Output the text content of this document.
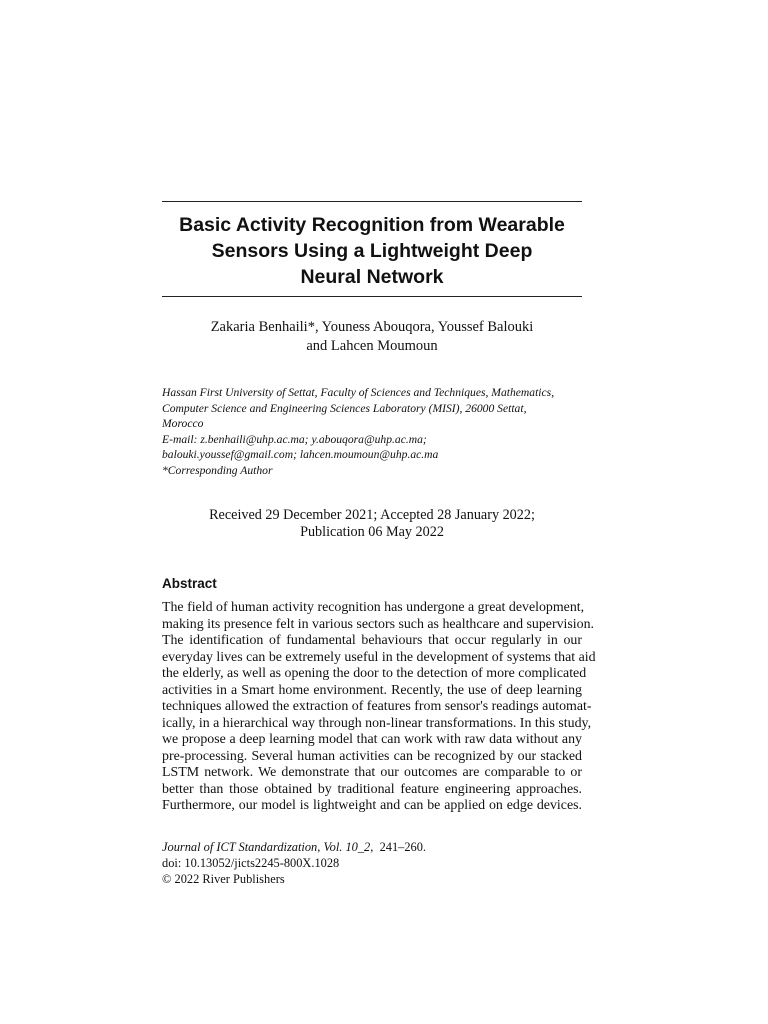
Basic Activity Recognition from Wearable
Sensors Using a Lightweight Deep
Neural Network
Zakaria Benhaili*, Youness Abouqora, Youssef Balouki
and Lahcen Moumoun
Hassan First University of Settat, Faculty of Sciences and Techniques, Mathematics,
Computer Science and Engineering Sciences Laboratory (MISI), 26000 Settat,
Morocco
E-mail: z.benhaili@uhp.ac.ma; y.abouqora@uhp.ac.ma;
balouki.youssef@gmail.com; lahcen.moumoun@uhp.ac.ma
*Corresponding Author
Received 29 December 2021; Accepted 28 January 2022;
Publication 06 May 2022
Abstract
The field of human activity recognition has undergone a great development,
making its presence felt in various sectors such as healthcare and supervision.
The identification of fundamental behaviours that occur regularly in our
everyday lives can be extremely useful in the development of systems that aid
the elderly, as well as opening the door to the detection of more complicated
activities in a Smart home environment. Recently, the use of deep learning
techniques allowed the extraction of features from sensor's readings automat-
ically, in a hierarchical way through non-linear transformations. In this study,
we propose a deep learning model that can work with raw data without any
pre-processing. Several human activities can be recognized by our stacked
LSTM network. We demonstrate that our outcomes are comparable to or
better than those obtained by traditional feature engineering approaches.
Furthermore, our model is lightweight and can be applied on edge devices.
Journal of ICT Standardization, Vol. 10_2, 241–260.
doi: 10.13052/jicts2245-800X.1028
© 2022 River Publishers
